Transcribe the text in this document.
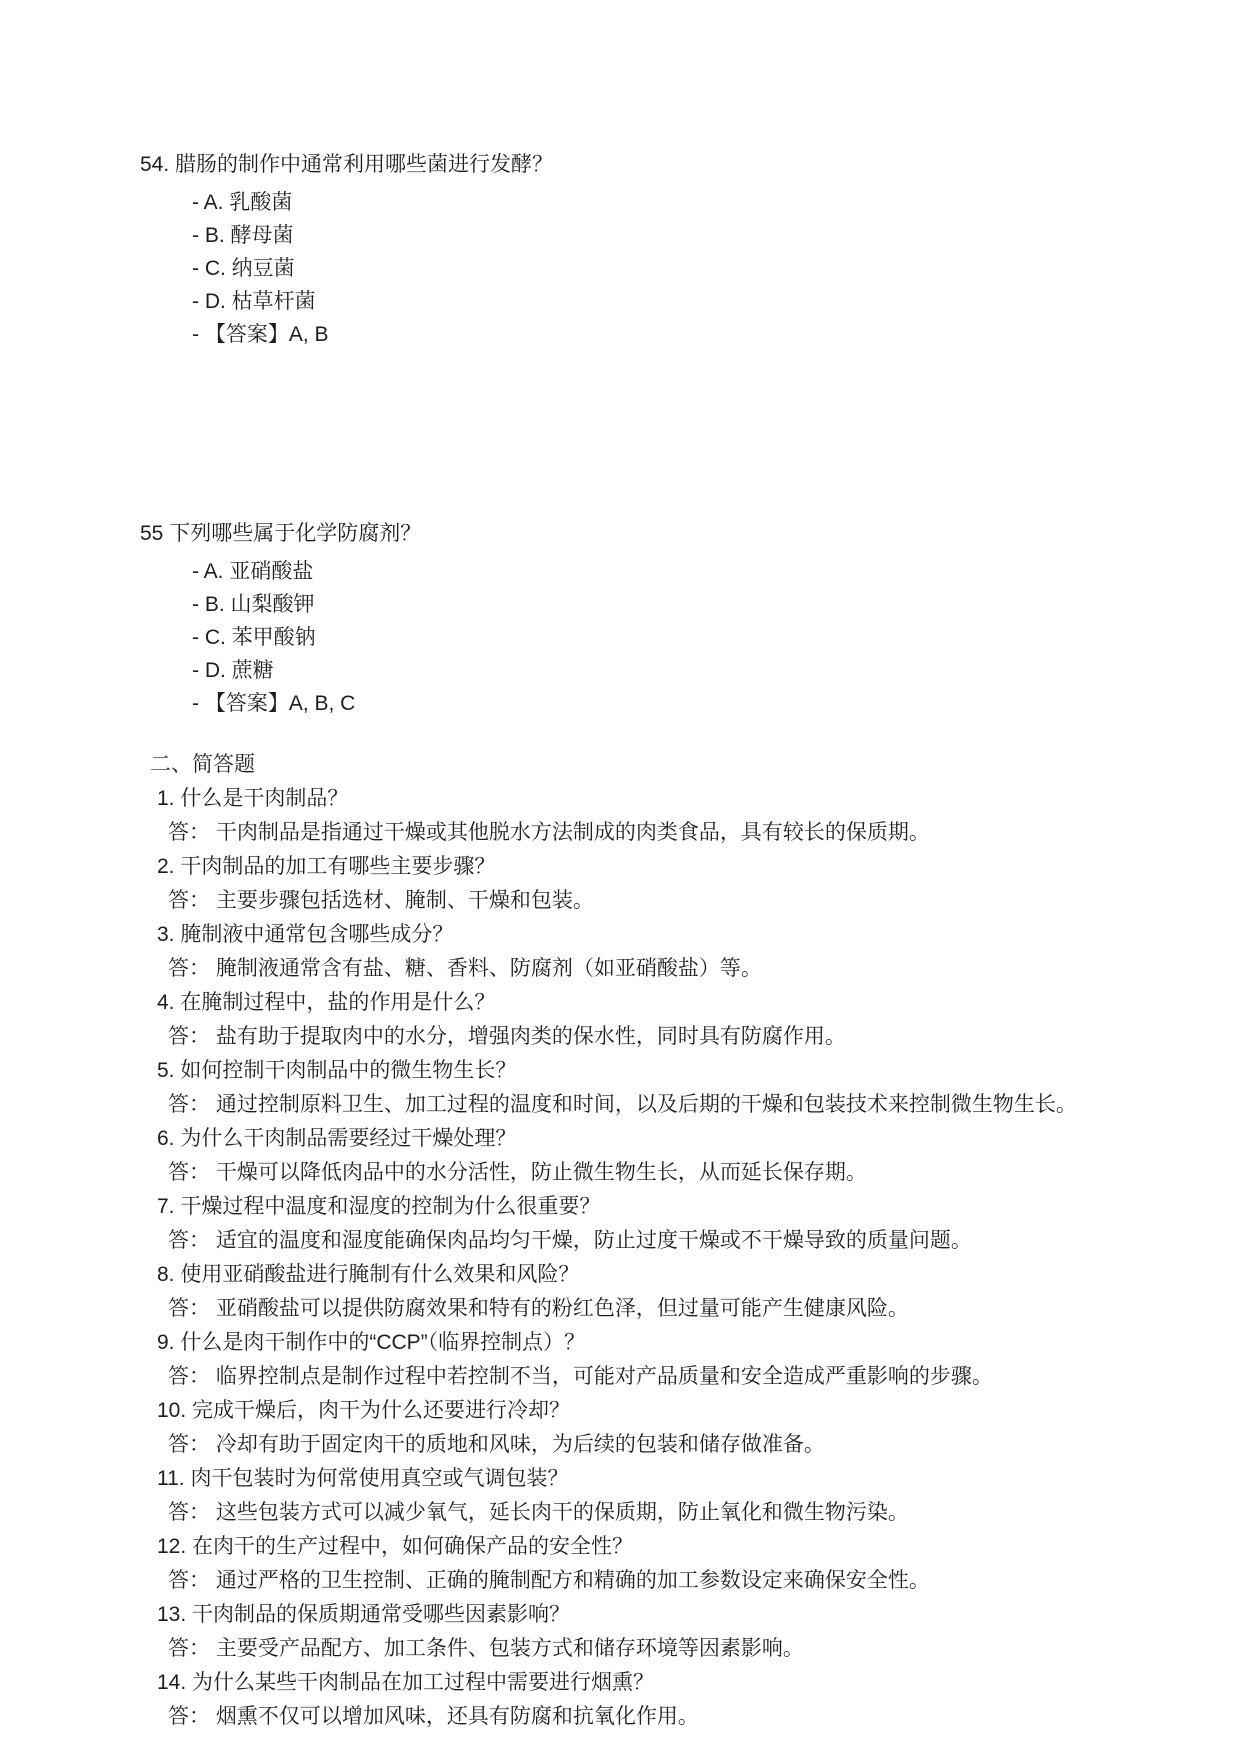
54. 腊肠的制作中通常利用哪些菌进行发酵？

- A. 乳酸菌

- B. 酵母菌

- C. 纳豆菌

- D. 枯草杆菌

- 【答案】A, B

55 下列哪些属于化学防腐剂？

- A. 亚硝酸盐

- B. 山梨酸钾

- C. 苯甲酸钠

- D. 蔗糖

- 【答案】A, B, C

二、简答题

1. 什么是干肉制品？

答： 干肉制品是指通过干燥或其他脱水方法制成的肉类食品，具有较长的保质期。

2. 干肉制品的加工有哪些主要步骤？

答： 主要步骤包括选材、腌制、干燥和包装。

3. 腌制液中通常包含哪些成分？

答： 腌制液通常含有盐、糖、香料、防腐剂（如亚硝酸盐）等。

4. 在腌制过程中，盐的作用是什么？

答： 盐有助于提取肉中的水分，增强肉类的保水性，同时具有防腐作用。

5. 如何控制干肉制品中的微生物生长？

答： 通过控制原料卫生、加工过程的温度和时间，以及后期的干燥和包装技术来控制微生物生长。

6. 为什么干肉制品需要经过干燥处理？

答： 干燥可以降低肉品中的水分活性，防止微生物生长，从而延长保存期。

7. 干燥过程中温度和湿度的控制为什么很重要？

答： 适宜的温度和湿度能确保肉品均匀干燥，防止过度干燥或不干燥导致的质量问题。

8. 使用亚硝酸盐进行腌制有什么效果和风险？

答： 亚硝酸盐可以提供防腐效果和特有的粉红色泽，但过量可能产生健康风险。

9. 什么是肉干制作中的“CCP”（临界控制点）？

答： 临界控制点是制作过程中若控制不当，可能对产品质量和安全造成严重影响的步骤。

10. 完成干燥后，肉干为什么还要进行冷却？

答： 冷却有助于固定肉干的质地和风味，为后续的包装和储存做准备。

11. 肉干包装时为何常使用真空或气调包装？

答： 这些包装方式可以减少氧气，延长肉干的保质期，防止氧化和微生物污染。

12. 在肉干的生产过程中，如何确保产品的安全性？

答： 通过严格的卫生控制、正确的腌制配方和精确的加工参数设定来确保安全性。

13. 干肉制品的保质期通常受哪些因素影响？

答： 主要受产品配方、加工条件、包装方式和储存环境等因素影响。

14. 为什么某些干肉制品在加工过程中需要进行烟熏？

答： 烟熏不仅可以增加风味，还具有防腐和抗氧化作用。
